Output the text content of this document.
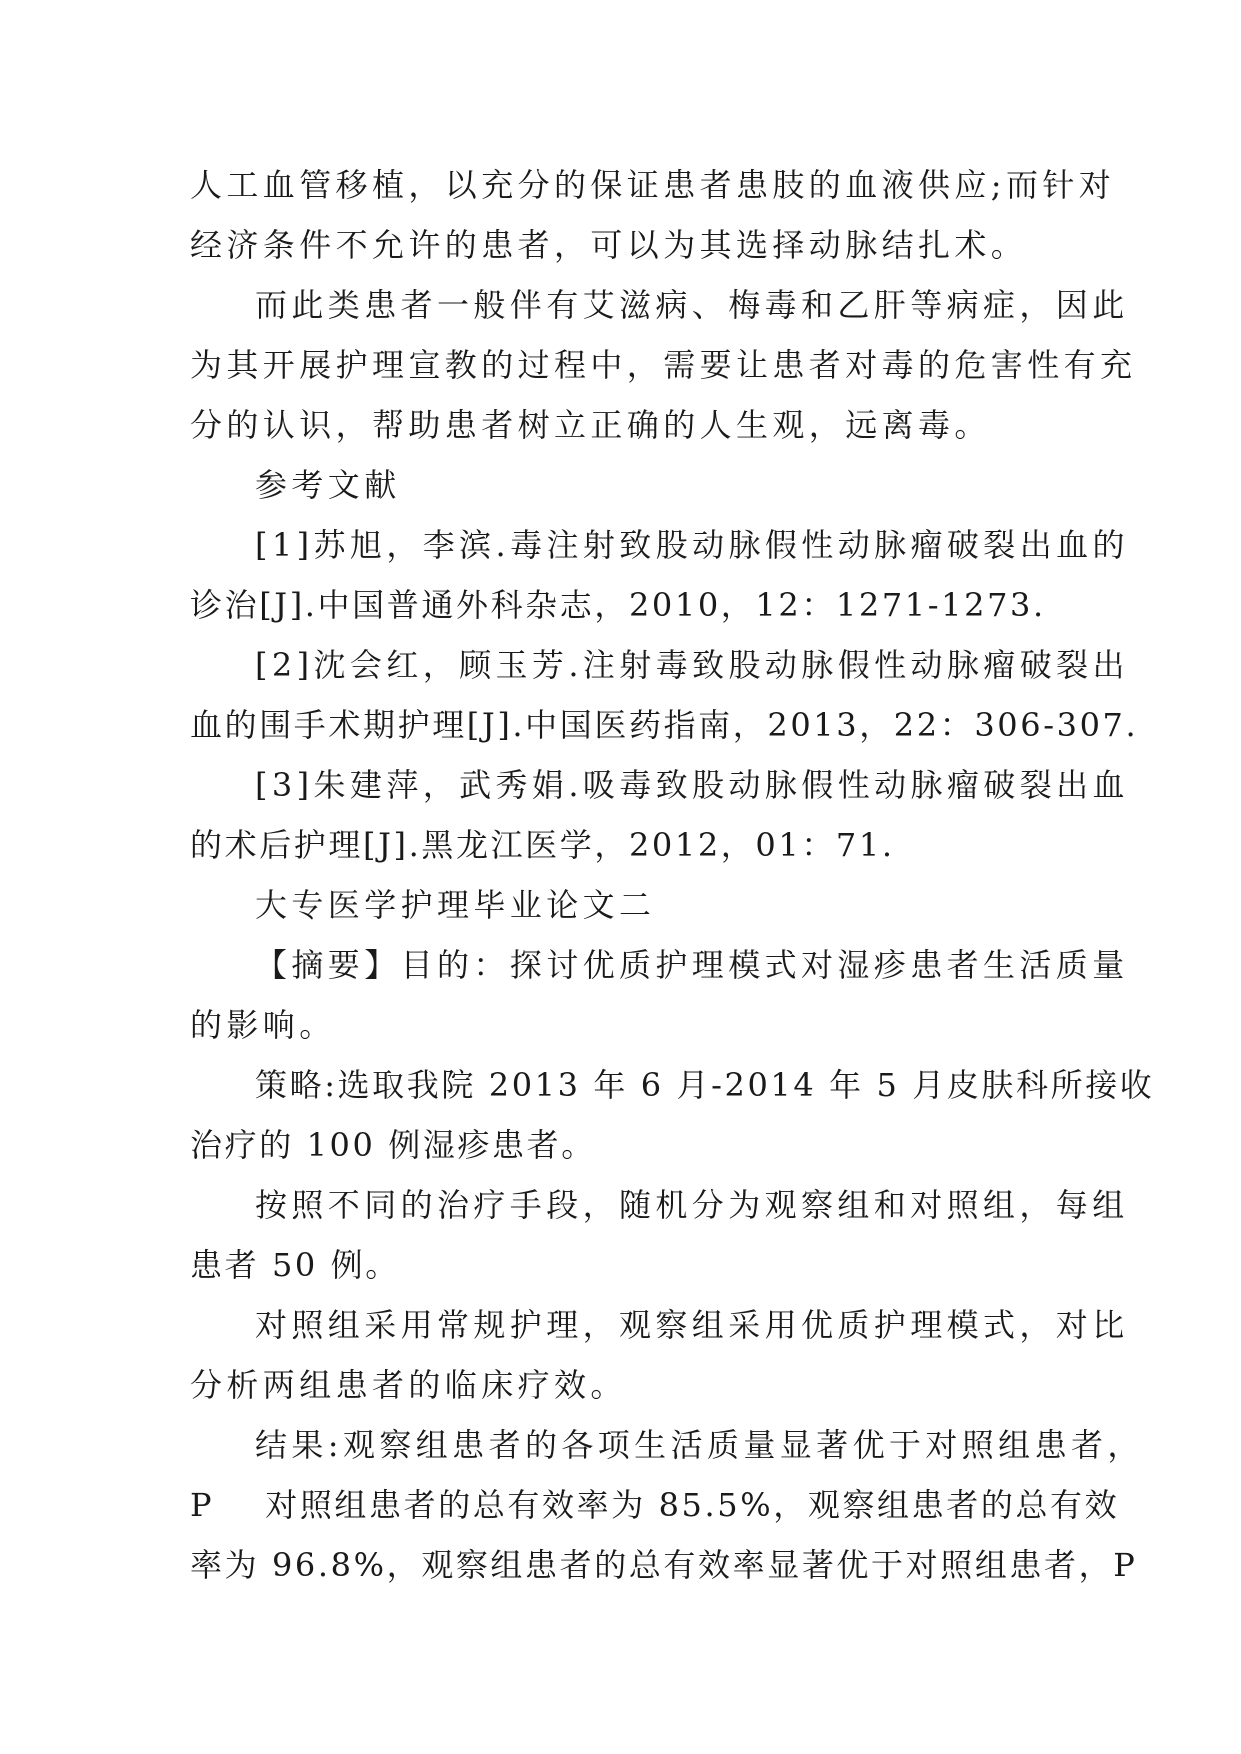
人工血管移植，以充分的保证患者患肢的血液供应;而针对
经济条件不允许的患者，可以为其选择动脉结扎术。
而此类患者一般伴有艾滋病、梅毒和乙肝等病症，因此
为其开展护理宣教的过程中，需要让患者对毒的危害性有充
分的认识，帮助患者树立正确的人生观，远离毒。
参考文献
[1]苏旭，李滨.毒注射致股动脉假性动脉瘤破裂出血的
诊治[J].中国普通外科杂志，2010，12：1271-1273.
[2]沈会红，顾玉芳.注射毒致股动脉假性动脉瘤破裂出
血的围手术期护理[J].中国医药指南，2013，22：306-307.
[3]朱建萍，武秀娟.吸毒致股动脉假性动脉瘤破裂出血
的术后护理[J].黑龙江医学，2012，01：71.
大专医学护理毕业论文二
【摘要】目的：探讨优质护理模式对湿疹患者生活质量
的影响。
策略:选取我院 2013 年 6 月-2014 年 5 月皮肤科所接收
治疗的 100 例湿疹患者。
按照不同的治疗手段，随机分为观察组和对照组，每组
患者 50 例。
对照组采用常规护理，观察组采用优质护理模式，对比
分析两组患者的临床疗效。
结果:观察组患者的各项生活质量显著优于对照组患者，
P    对照组患者的总有效率为 85.5%，观察组患者的总有效
率为 96.8%，观察组患者的总有效率显著优于对照组患者，P
